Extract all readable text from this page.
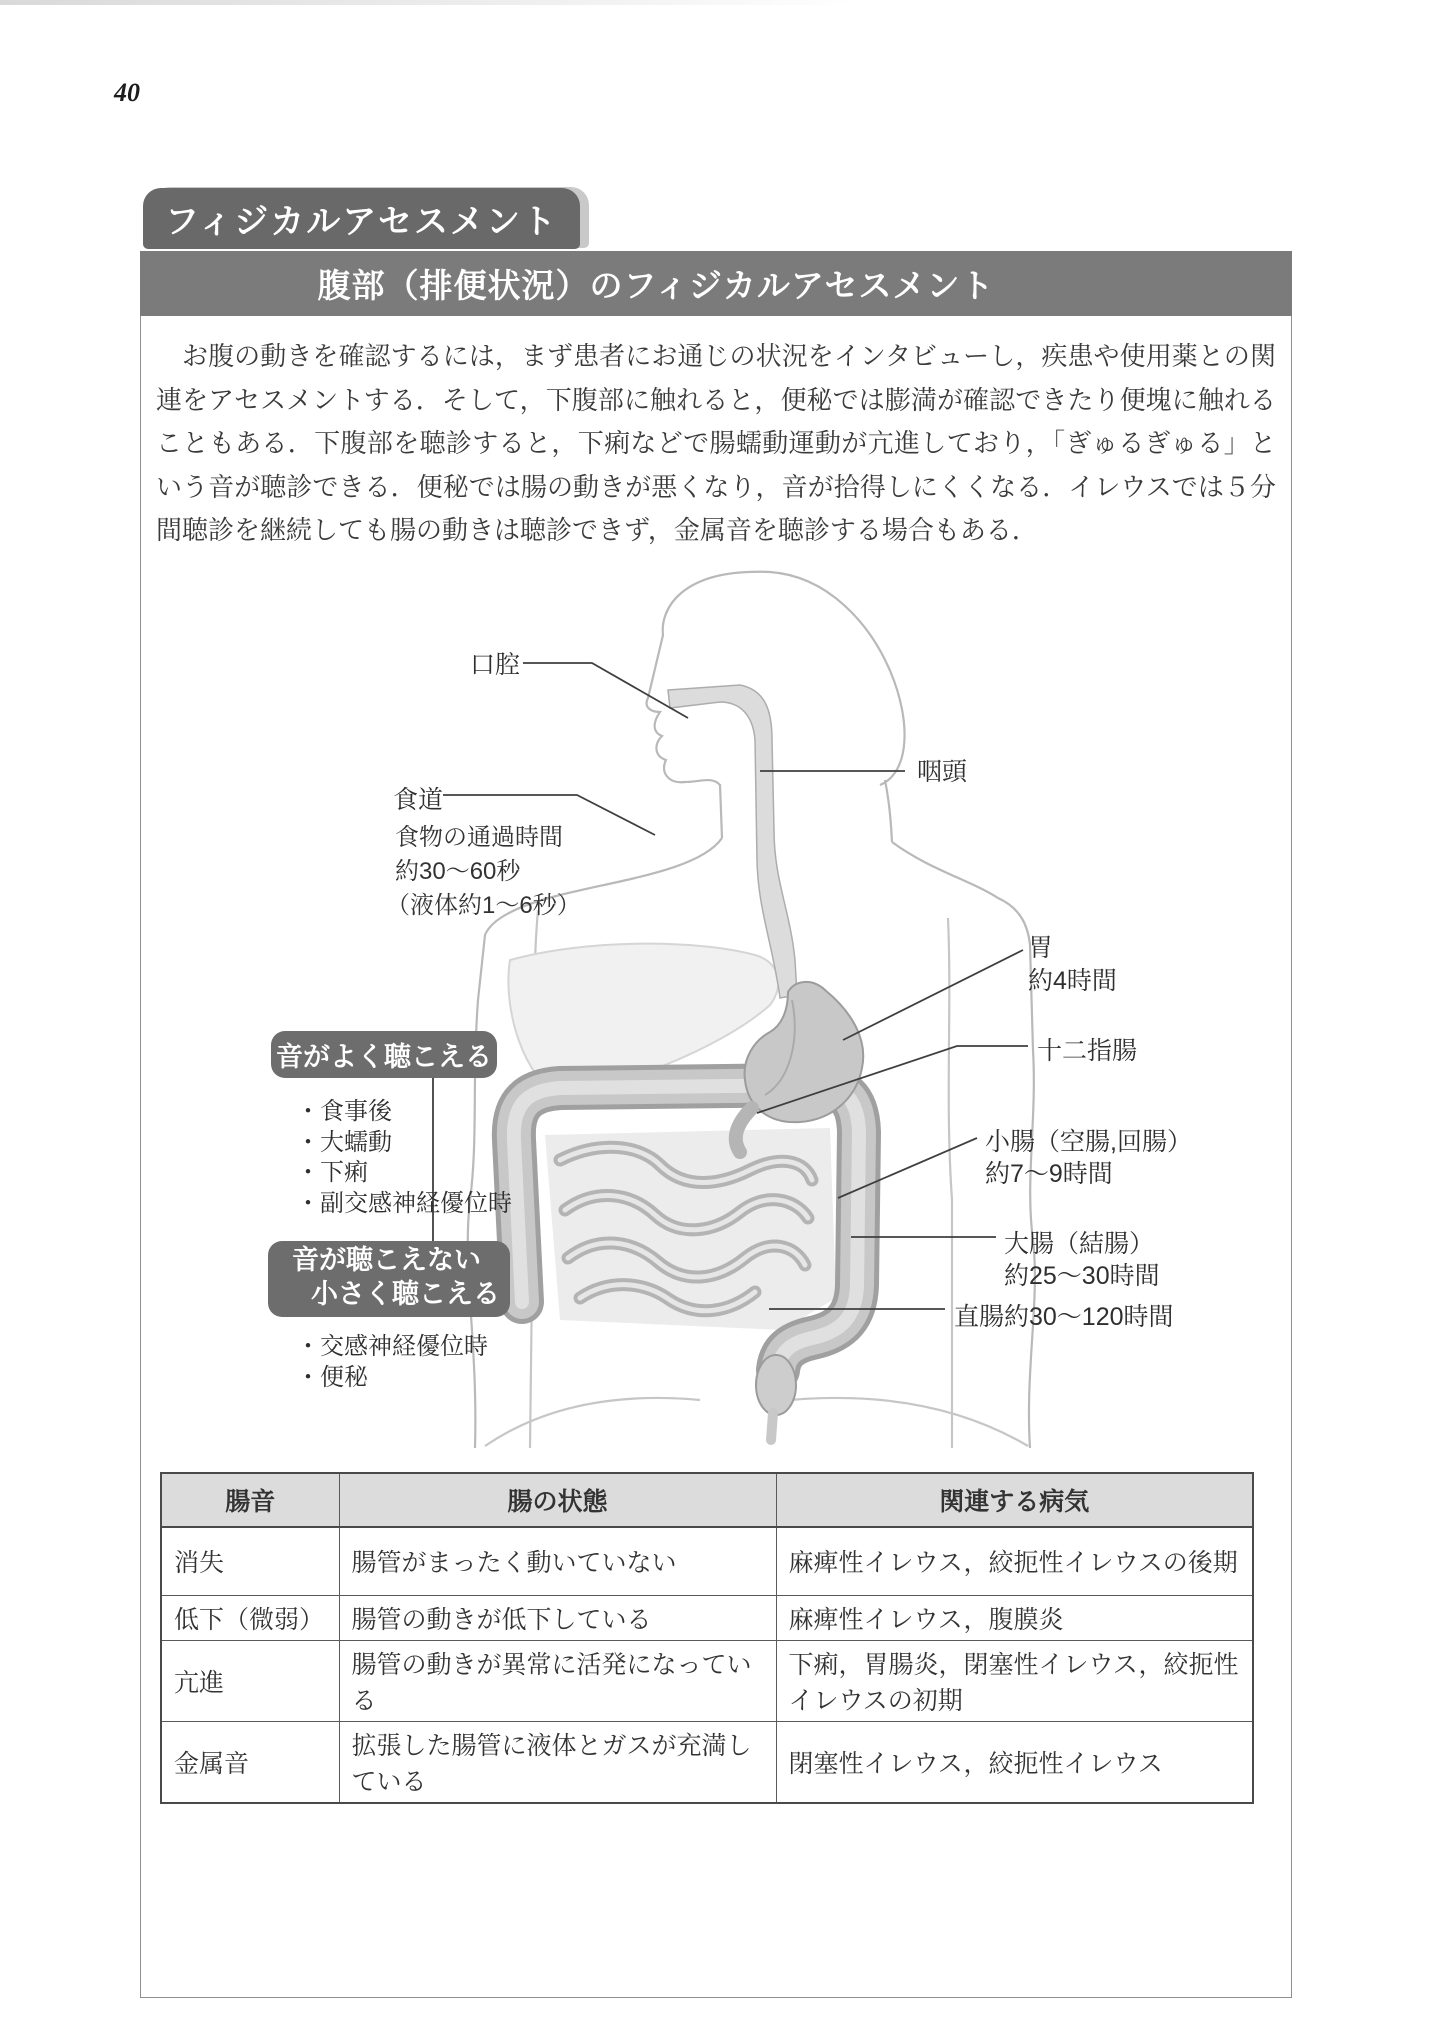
40
フィジカルアセスメント
腹部（排便状況）のフィジカルアセスメント
お腹の動きを確認するには，まず患者にお通じの状況をインタビューし，疾患や使用薬との関連をアセスメントする．そして，下腹部に触れると，便秘では膨満が確認できたり便塊に触れることもある．下腹部を聴診すると，下痢などで腸蠕動運動が亢進しており，「ぎゅるぎゅる」という音が聴診できる．便秘では腸の動きが悪くなり，音が拾得しにくくなる．イレウスでは５分間聴診を継続しても腸の動きは聴診できず，金属音を聴診する場合もある．
口腔
咽頭
食道
食物の通過時間
約30〜60秒
（液体約1〜6秒）
胃
約4時間
十二指腸
小腸（空腸,回腸）
約7〜9時間
大腸（結腸）
約25〜30時間
直腸約30〜120時間
音がよく聴こえる
・食事後
・大蠕動
・下痢
・副交感神経優位時
音が聴こえない
小さく聴こえる
・交感神経優位時
・便秘
腸音	腸の状態	関連する病気
消失	腸管がまったく動いていない	麻痺性イレウス，絞扼性イレウスの後期
低下（微弱）	腸管の動きが低下している	麻痺性イレウス，腹膜炎
亢進	腸管の動きが異常に活発になっている	下痢，胃腸炎，閉塞性イレウス，絞扼性イレウスの初期
金属音	拡張した腸管に液体とガスが充満している	閉塞性イレウス，絞扼性イレウス
